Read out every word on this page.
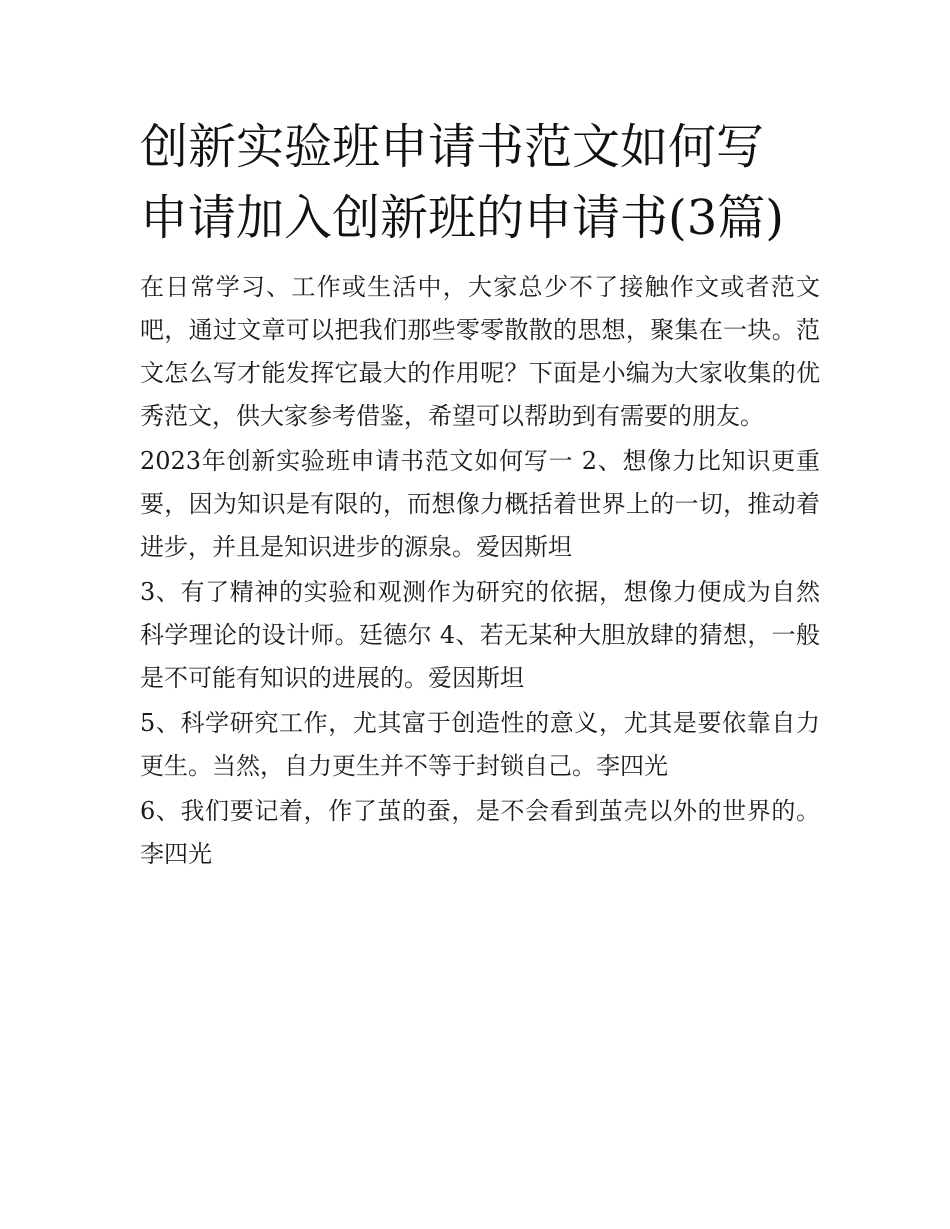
创新实验班申请书范文如何写申请加入创新班的申请书(3篇)

在日常学习、工作或生活中，大家总少不了接触作文或者范文吧，通过文章可以把我们那些零零散散的思想，聚集在一块。范文怎么写才能发挥它最大的作用呢？下面是小编为大家收集的优秀范文，供大家参考借鉴，希望可以帮助到有需要的朋友。

2023年创新实验班申请书范文如何写一 2、想像力比知识更重要，因为知识是有限的，而想像力概括着世界上的一切，推动着进步，并且是知识进步的源泉。爱因斯坦

3、有了精神的实验和观测作为研究的依据，想像力便成为自然科学理论的设计师。廷德尔 4、若无某种大胆放肆的猜想，一般是不可能有知识的进展的。爱因斯坦

5、科学研究工作，尤其富于创造性的意义，尤其是要依靠自力更生。当然，自力更生并不等于封锁自己。李四光

6、我们要记着，作了茧的蚕，是不会看到茧壳以外的世界的。李四光
